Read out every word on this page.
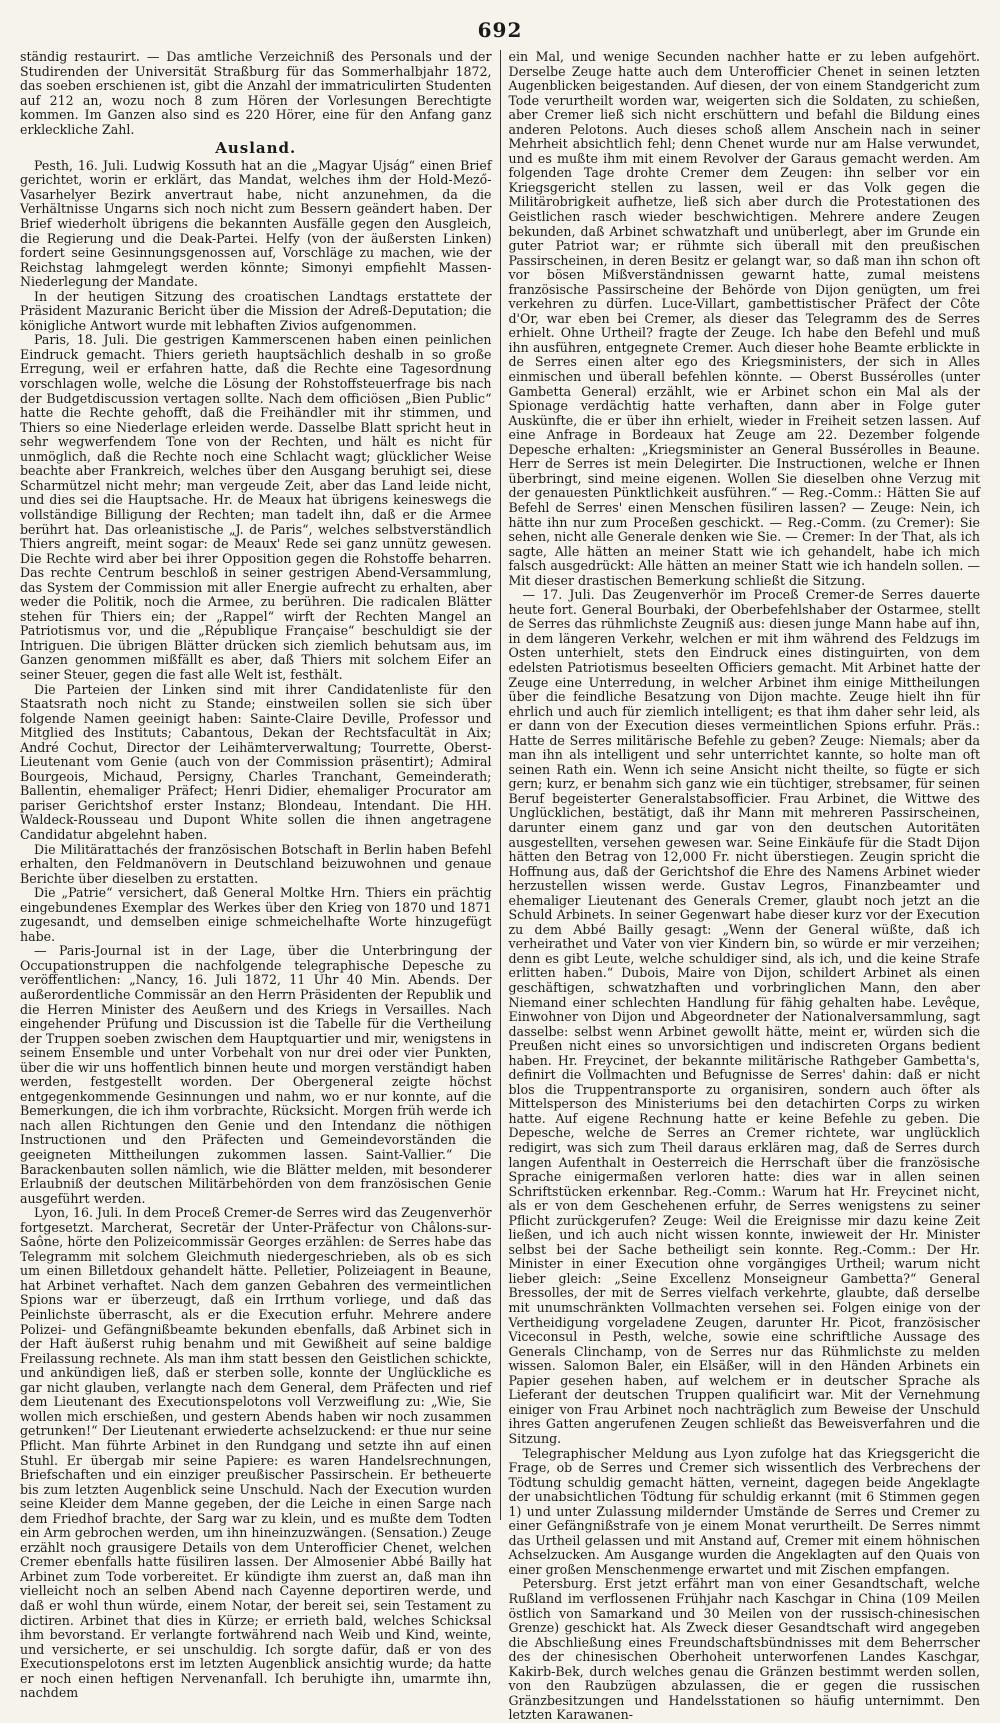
692

ständig restaurirt. — Das amtliche Verzeichniß des Personals und der Studirenden der Universität Straßburg für das Sommerhalbjahr 1872, das soeben erschienen ist, gibt die Anzahl der immatriculirten Studenten auf 212 an, wozu noch 8 zum Hören der Vorlesungen Berechtigte kommen. Im Ganzen also sind es 220 Hörer, eine für den Anfang ganz erkleckliche Zahl.

Ausland.

Pesth, 16. Juli. Ludwig Kossuth hat an die „Magyar Ujság“ einen Brief gerichtet, worin er erklärt, das Mandat, welches ihm der Hold-Mező-Vasarhelyer Bezirk anvertraut habe, nicht anzunehmen, da die Verhältnisse Ungarns sich noch nicht zum Bessern geändert haben. Der Brief wiederholt übrigens die bekannten Ausfälle gegen den Ausgleich, die Regierung und die Deak-Partei. Helfy (von der äußersten Linken) fordert seine Gesinnungsgenossen auf, Vorschläge zu machen, wie der Reichstag lahmgelegt werden könnte; Simonyi empfiehlt Massen-Niederlegung der Mandate.

In der heutigen Sitzung des croatischen Landtags erstattete der Präsident Mazuranic Bericht über die Mission der Adreß-Deputation; die königliche Antwort wurde mit lebhaften Zivios aufgenommen.

Paris, 18. Juli. Die gestrigen Kammerscenen haben einen peinlichen Eindruck gemacht. Thiers gerieth hauptsächlich deshalb in so große Erregung, weil er erfahren hatte, daß die Rechte eine Tagesordnung vorschlagen wolle, welche die Lösung der Rohstoffsteuerfrage bis nach der Budgetdiscussion vertagen sollte. Nach dem officiösen „Bien Public“ hatte die Rechte gehofft, daß die Freihändler mit ihr stimmen, und Thiers so eine Niederlage erleiden werde. Dasselbe Blatt spricht heut in sehr wegwerfendem Tone von der Rechten, und hält es nicht für unmöglich, daß die Rechte noch eine Schlacht wagt; glücklicher Weise beachte aber Frankreich, welches über den Ausgang beruhigt sei, diese Scharmützel nicht mehr; man vergeude Zeit, aber das Land leide nicht, und dies sei die Hauptsache. Hr. de Meaux hat übrigens keineswegs die vollständige Billigung der Rechten; man tadelt ihn, daß er die Armee berührt hat. Das orleanistische „J. de Paris“, welches selbstverständlich Thiers angreift, meint sogar: de Meaux' Rede sei ganz unnütz gewesen. Die Rechte wird aber bei ihrer Opposition gegen die Rohstoffe beharren. Das rechte Centrum beschloß in seiner gestrigen Abend-Versammlung, das System der Commission mit aller Energie aufrecht zu erhalten, aber weder die Politik, noch die Armee, zu berühren. Die radicalen Blätter stehen für Thiers ein; der „Rappel“ wirft der Rechten Mangel an Patriotismus vor, und die „République Française“ beschuldigt sie der Intriguen. Die übrigen Blätter drücken sich ziemlich behutsam aus, im Ganzen genommen mißfällt es aber, daß Thiers mit solchem Eifer an seiner Steuer, gegen die fast alle Welt ist, festhält.

Die Parteien der Linken sind mit ihrer Candidatenliste für den Staatsrath noch nicht zu Stande; einstweilen sollen sie sich über folgende Namen geeinigt haben: Sainte-Claire Deville, Professor und Mitglied des Instituts; Cabantous, Dekan der Rechtsfacultät in Aix; André Cochut, Director der Leihämterverwaltung; Tourrette, Oberst-Lieutenant vom Genie (auch von der Commission präsentirt); Admiral Bourgeois, Michaud, Persigny, Charles Tranchant, Gemeinderath; Ballentin, ehemaliger Präfect; Henri Didier, ehemaliger Procurator am pariser Gerichtshof erster Instanz; Blondeau, Intendant. Die HH. Waldeck-Rousseau und Dupont White sollen die ihnen angetragene Candidatur abgelehnt haben.

Die Militärattachés der französischen Botschaft in Berlin haben Befehl erhalten, den Feldmanövern in Deutschland beizuwohnen und genaue Berichte über dieselben zu erstatten.

Die „Patrie“ versichert, daß General Moltke Hrn. Thiers ein prächtig eingebundenes Exemplar des Werkes über den Krieg von 1870 und 1871 zugesandt, und demselben einige schmeichelhafte Worte hinzugefügt habe.

— Paris-Journal ist in der Lage, über die Unterbringung der Occupationstruppen die nachfolgende telegraphische Depesche zu veröffentlichen: „Nancy, 16. Juli 1872, 11 Uhr 40 Min. Abends. Der außerordentliche Commissär an den Herrn Präsidenten der Republik und die Herren Minister des Aeußern und des Kriegs in Versailles. Nach eingehender Prüfung und Discussion ist die Tabelle für die Vertheilung der Truppen soeben zwischen dem Hauptquartier und mir, wenigstens in seinem Ensemble und unter Vorbehalt von nur drei oder vier Punkten, über die wir uns hoffentlich binnen heute und morgen verständigt haben werden, festgestellt worden. Der Obergeneral zeigte höchst entgegenkommende Gesinnungen und nahm, wo er nur konnte, auf die Bemerkungen, die ich ihm vorbrachte, Rücksicht. Morgen früh werde ich nach allen Richtungen den Genie und den Intendanz die nöthigen Instructionen und den Präfecten und Gemeindevorständen die geeigneten Mittheilungen zukommen lassen. Saint-Vallier.“ Die Barackenbauten sollen nämlich, wie die Blätter melden, mit besonderer Erlaubniß der deutschen Militärbehörden von dem französischen Genie ausgeführt werden.

Lyon, 16. Juli. In dem Proceß Cremer-de Serres wird das Zeugenverhör fortgesetzt. Marcherat, Secretär der Unter-Präfectur von Châlons-sur-Saône, hörte den Polizeicommissär Georges erzählen: de Serres habe das Telegramm mit solchem Gleichmuth niedergeschrieben, als ob es sich um einen Billetdoux gehandelt hätte. Pelletier, Polizeiagent in Beaune, hat Arbinet verhaftet. Nach dem ganzen Gebahren des vermeintlichen Spions war er überzeugt, daß ein Irrthum vorliege, und daß das Peinlichste überrascht, als er die Execution erfuhr. Mehrere andere Polizei- und Gefängnißbeamte bekunden ebenfalls, daß Arbinet sich in der Haft äußerst ruhig benahm und mit Gewißheit auf seine baldige Freilassung rechnete. Als man ihm statt bessen den Geistlichen schickte, und ankündigen ließ, daß er sterben solle, konnte der Unglückliche es gar nicht glauben, verlangte nach dem General, dem Präfecten und rief dem Lieutenant des Executionspelotons voll Verzweiflung zu: „Wie, Sie wollen mich erschießen, und gestern Abends haben wir noch zusammen getrunken!“ Der Lieutenant erwiederte achselzuckend: er thue nur seine Pflicht. Man führte Arbinet in den Rundgang und setzte ihn auf einen Stuhl. Er übergab mir seine Papiere: es waren Handelsrechnungen, Briefschaften und ein einziger preußischer Passirschein. Er betheuerte bis zum letzten Augenblick seine Unschuld. Nach der Execution wurden seine Kleider dem Manne gegeben, der die Leiche in einen Sarge nach dem Friedhof brachte, der Sarg war zu klein, und es mußte dem Todten ein Arm gebrochen werden, um ihn hineinzuzwängen. (Sensation.) Zeuge erzählt noch grausigere Details von dem Unterofficier Chenet, welchen Cremer ebenfalls hatte füsiliren lassen. Der Almosenier Abbé Bailly hat Arbinet zum Tode vorbereitet. Er kündigte ihm zuerst an, daß man ihn vielleicht noch an selben Abend nach Cayenne deportiren werde, und daß er wohl thun würde, einem Notar, der bereit sei, sein Testament zu dictiren. Arbinet that dies in Kürze; er errieth bald, welches Schicksal ihm bevorstand. Er verlangte fortwährend nach Weib und Kind, weinte, und versicherte, er sei unschuldig. Ich sorgte dafür, daß er von des Executionspelotons erst im letzten Augenblick ansichtig wurde; da hatte er noch einen heftigen Nervenanfall. Ich beruhigte ihn, umarmte ihn, nachdem

ein Mal, und wenige Secunden nachher hatte er zu leben aufgehört. Derselbe Zeuge hatte auch dem Unterofficier Chenet in seinen letzten Augenblicken beigestanden. Auf diesen, der von einem Standgericht zum Tode verurtheilt worden war, weigerten sich die Soldaten, zu schießen, aber Cremer ließ sich nicht erschüttern und befahl die Bildung eines anderen Pelotons. Auch dieses schoß allem Anschein nach in seiner Mehrheit absichtlich fehl; denn Chenet wurde nur am Halse verwundet, und es mußte ihm mit einem Revolver der Garaus gemacht werden. Am folgenden Tage drohte Cremer dem Zeugen: ihn selber vor ein Kriegsgericht stellen zu lassen, weil er das Volk gegen die Militärobrigkeit aufhetze, ließ sich aber durch die Protestationen des Geistlichen rasch wieder beschwichtigen. Mehrere andere Zeugen bekunden, daß Arbinet schwatzhaft und unüberlegt, aber im Grunde ein guter Patriot war; er rühmte sich überall mit den preußischen Passirscheinen, in deren Besitz er gelangt war, so daß man ihn schon oft vor bösen Mißverständnissen gewarnt hatte, zumal meistens französische Passirscheine der Behörde von Dijon genügten, um frei verkehren zu dürfen. Luce-Villart, gambettistischer Präfect der Côte d'Or, war eben bei Cremer, als dieser das Telegramm des de Serres erhielt. Ohne Urtheil? fragte der Zeuge. Ich habe den Befehl und muß ihn ausführen, entgegnete Cremer. Auch dieser hohe Beamte erblickte in de Serres einen alter ego des Kriegsministers, der sich in Alles einmischen und überall befehlen könnte. — Oberst Bussérolles (unter Gambetta General) erzählt, wie er Arbinet schon ein Mal als der Spionage verdächtig hatte verhaften, dann aber in Folge guter Auskünfte, die er über ihn erhielt, wieder in Freiheit setzen lassen. Auf eine Anfrage in Bordeaux hat Zeuge am 22. Dezember folgende Depesche erhalten: „Kriegsminister an General Bussérolles in Beaune. Herr de Serres ist mein Delegirter. Die Instructionen, welche er Ihnen überbringt, sind meine eigenen. Wollen Sie dieselben ohne Verzug mit der genauesten Pünktlichkeit ausführen.“ — Reg.-Comm.: Hätten Sie auf Befehl de Serres' einen Menschen füsiliren lassen? — Zeuge: Nein, ich hätte ihn nur zum Proceßen geschickt. — Reg.-Comm. (zu Cremer): Sie sehen, nicht alle Generale denken wie Sie. — Cremer: In der That, als ich sagte, Alle hätten an meiner Statt wie ich gehandelt, habe ich mich falsch ausgedrückt: Alle hätten an meiner Statt wie ich handeln sollen. — Mit dieser drastischen Bemerkung schließt die Sitzung.

— 17. Juli. Das Zeugenverhör im Proceß Cremer-de Serres dauerte heute fort. General Bourbaki, der Oberbefehlshaber der Ostarmee, stellt de Serres das rühmlichste Zeugniß aus: diesen junge Mann habe auf ihn, in dem längeren Verkehr, welchen er mit ihm während des Feldzugs im Osten unterhielt, stets den Eindruck eines distinguirten, von dem edelsten Patriotismus beseelten Officiers gemacht. Mit Arbinet hatte der Zeuge eine Unterredung, in welcher Arbinet ihm einige Mittheilungen über die feindliche Besatzung von Dijon machte. Zeuge hielt ihn für ehrlich und auch für ziemlich intelligent; es that ihm daher sehr leid, als er dann von der Execution dieses vermeintlichen Spions erfuhr. Präs.: Hatte de Serres militärische Befehle zu geben? Zeuge: Niemals; aber da man ihn als intelligent und sehr unterrichtet kannte, so holte man oft seinen Rath ein. Wenn ich seine Ansicht nicht theilte, so fügte er sich gern; kurz, er benahm sich ganz wie ein tüchtiger, strebsamer, für seinen Beruf begeisterter Generalstabsofficier. Frau Arbinet, die Wittwe des Unglücklichen, bestätigt, daß ihr Mann mit mehreren Passirscheinen, darunter einem ganz und gar von den deutschen Autoritäten ausgestellten, versehen gewesen war. Seine Einkäufe für die Stadt Dijon hätten den Betrag von 12,000 Fr. nicht überstiegen. Zeugin spricht die Hoffnung aus, daß der Gerichtshof die Ehre des Namens Arbinet wieder herzustellen wissen werde. Gustav Legros, Finanzbeamter und ehemaliger Lieutenant des Generals Cremer, glaubt noch jetzt an die Schuld Arbinets. In seiner Gegenwart habe dieser kurz vor der Execution zu dem Abbé Bailly gesagt: „Wenn der General wüßte, daß ich verheirathet und Vater von vier Kindern bin, so würde er mir verzeihen; denn es gibt Leute, welche schuldiger sind, als ich, und die keine Strafe erlitten haben.“ Dubois, Maire von Dijon, schildert Arbinet als einen geschäftigen, schwatzhaften und vorbringlichen Mann, den aber Niemand einer schlechten Handlung für fähig gehalten habe. Levêque, Einwohner von Dijon und Abgeordneter der Nationalversammlung, sagt dasselbe: selbst wenn Arbinet gewollt hätte, meint er, würden sich die Preußen nicht eines so unvorsichtigen und indiscreten Organs bedient haben. Hr. Freycinet, der bekannte militärische Rathgeber Gambetta's, definirt die Vollmachten und Befugnisse de Serres' dahin: daß er nicht blos die Truppentransporte zu organisiren, sondern auch öfter als Mittelsperson des Ministeriums bei den detachirten Corps zu wirken hatte. Auf eigene Rechnung hatte er keine Befehle zu geben. Die Depesche, welche de Serres an Cremer richtete, war unglücklich redigirt, was sich zum Theil daraus erklären mag, daß de Serres durch langen Aufenthalt in Oesterreich die Herrschaft über die französische Sprache einigermaßen verloren hatte: dies war in allen seinen Schriftstücken erkennbar. Reg.-Comm.: Warum hat Hr. Freycinet nicht, als er von dem Geschehenen erfuhr, de Serres wenigstens zu seiner Pflicht zurückgerufen? Zeuge: Weil die Ereignisse mir dazu keine Zeit ließen, und ich auch nicht wissen konnte, inwieweit der Hr. Minister selbst bei der Sache betheiligt sein konnte. Reg.-Comm.: Der Hr. Minister in einer Execution ohne vorgängiges Urtheil; warum nicht lieber gleich: „Seine Excellenz Monseigneur Gambetta?“ General Bressolles, der mit de Serres vielfach verkehrte, glaubte, daß derselbe mit unumschränkten Vollmachten versehen sei. Folgen einige von der Vertheidigung vorgeladene Zeugen, darunter Hr. Picot, französischer Viceconsul in Pesth, welche, sowie eine schriftliche Aussage des Generals Clinchamp, von de Serres nur das Rühmlichste zu melden wissen. Salomon Baler, ein Elsäßer, will in den Händen Arbinets ein Papier gesehen haben, auf welchem er in deutscher Sprache als Lieferant der deutschen Truppen qualificirt war. Mit der Vernehmung einiger von Frau Arbinet noch nachträglich zum Beweise der Unschuld ihres Gatten angerufenen Zeugen schließt das Beweisverfahren und die Sitzung.

Telegraphischer Meldung aus Lyon zufolge hat das Kriegsgericht die Frage, ob de Serres und Cremer sich wissentlich des Verbrechens der Tödtung schuldig gemacht hätten, verneint, dagegen beide Angeklagte der unabsichtlichen Tödtung für schuldig erkannt (mit 6 Stimmen gegen 1) und unter Zulassung mildernder Umstände de Serres und Cremer zu einer Gefängnißstrafe von je einem Monat verurtheilt. De Serres nimmt das Urtheil gelassen und mit Anstand auf, Cremer mit einem höhnischen Achselzucken. Am Ausgange wurden die Angeklagten auf den Quais von einer großen Menschenmenge erwartet und mit Zischen empfangen.

Petersburg. Erst jetzt erfährt man von einer Gesandtschaft, welche Rußland im verflossenen Frühjahr nach Kaschgar in China (109 Meilen östlich von Samarkand und 30 Meilen von der russisch-chinesischen Grenze) geschickt hat. Als Zweck dieser Gesandtschaft wird angegeben die Abschließung eines Freundschaftsbündnisses mit dem Beherrscher des der chinesischen Oberhoheit unterworfenen Landes Kaschgar, Kakirb-Bek, durch welches genau die Gränzen bestimmt werden sollen, von den Raubzügen abzulassen, die er gegen die russischen Gränzbesitzungen und Handelsstationen so häufig unternimmt. Den letzten Karawanen-
